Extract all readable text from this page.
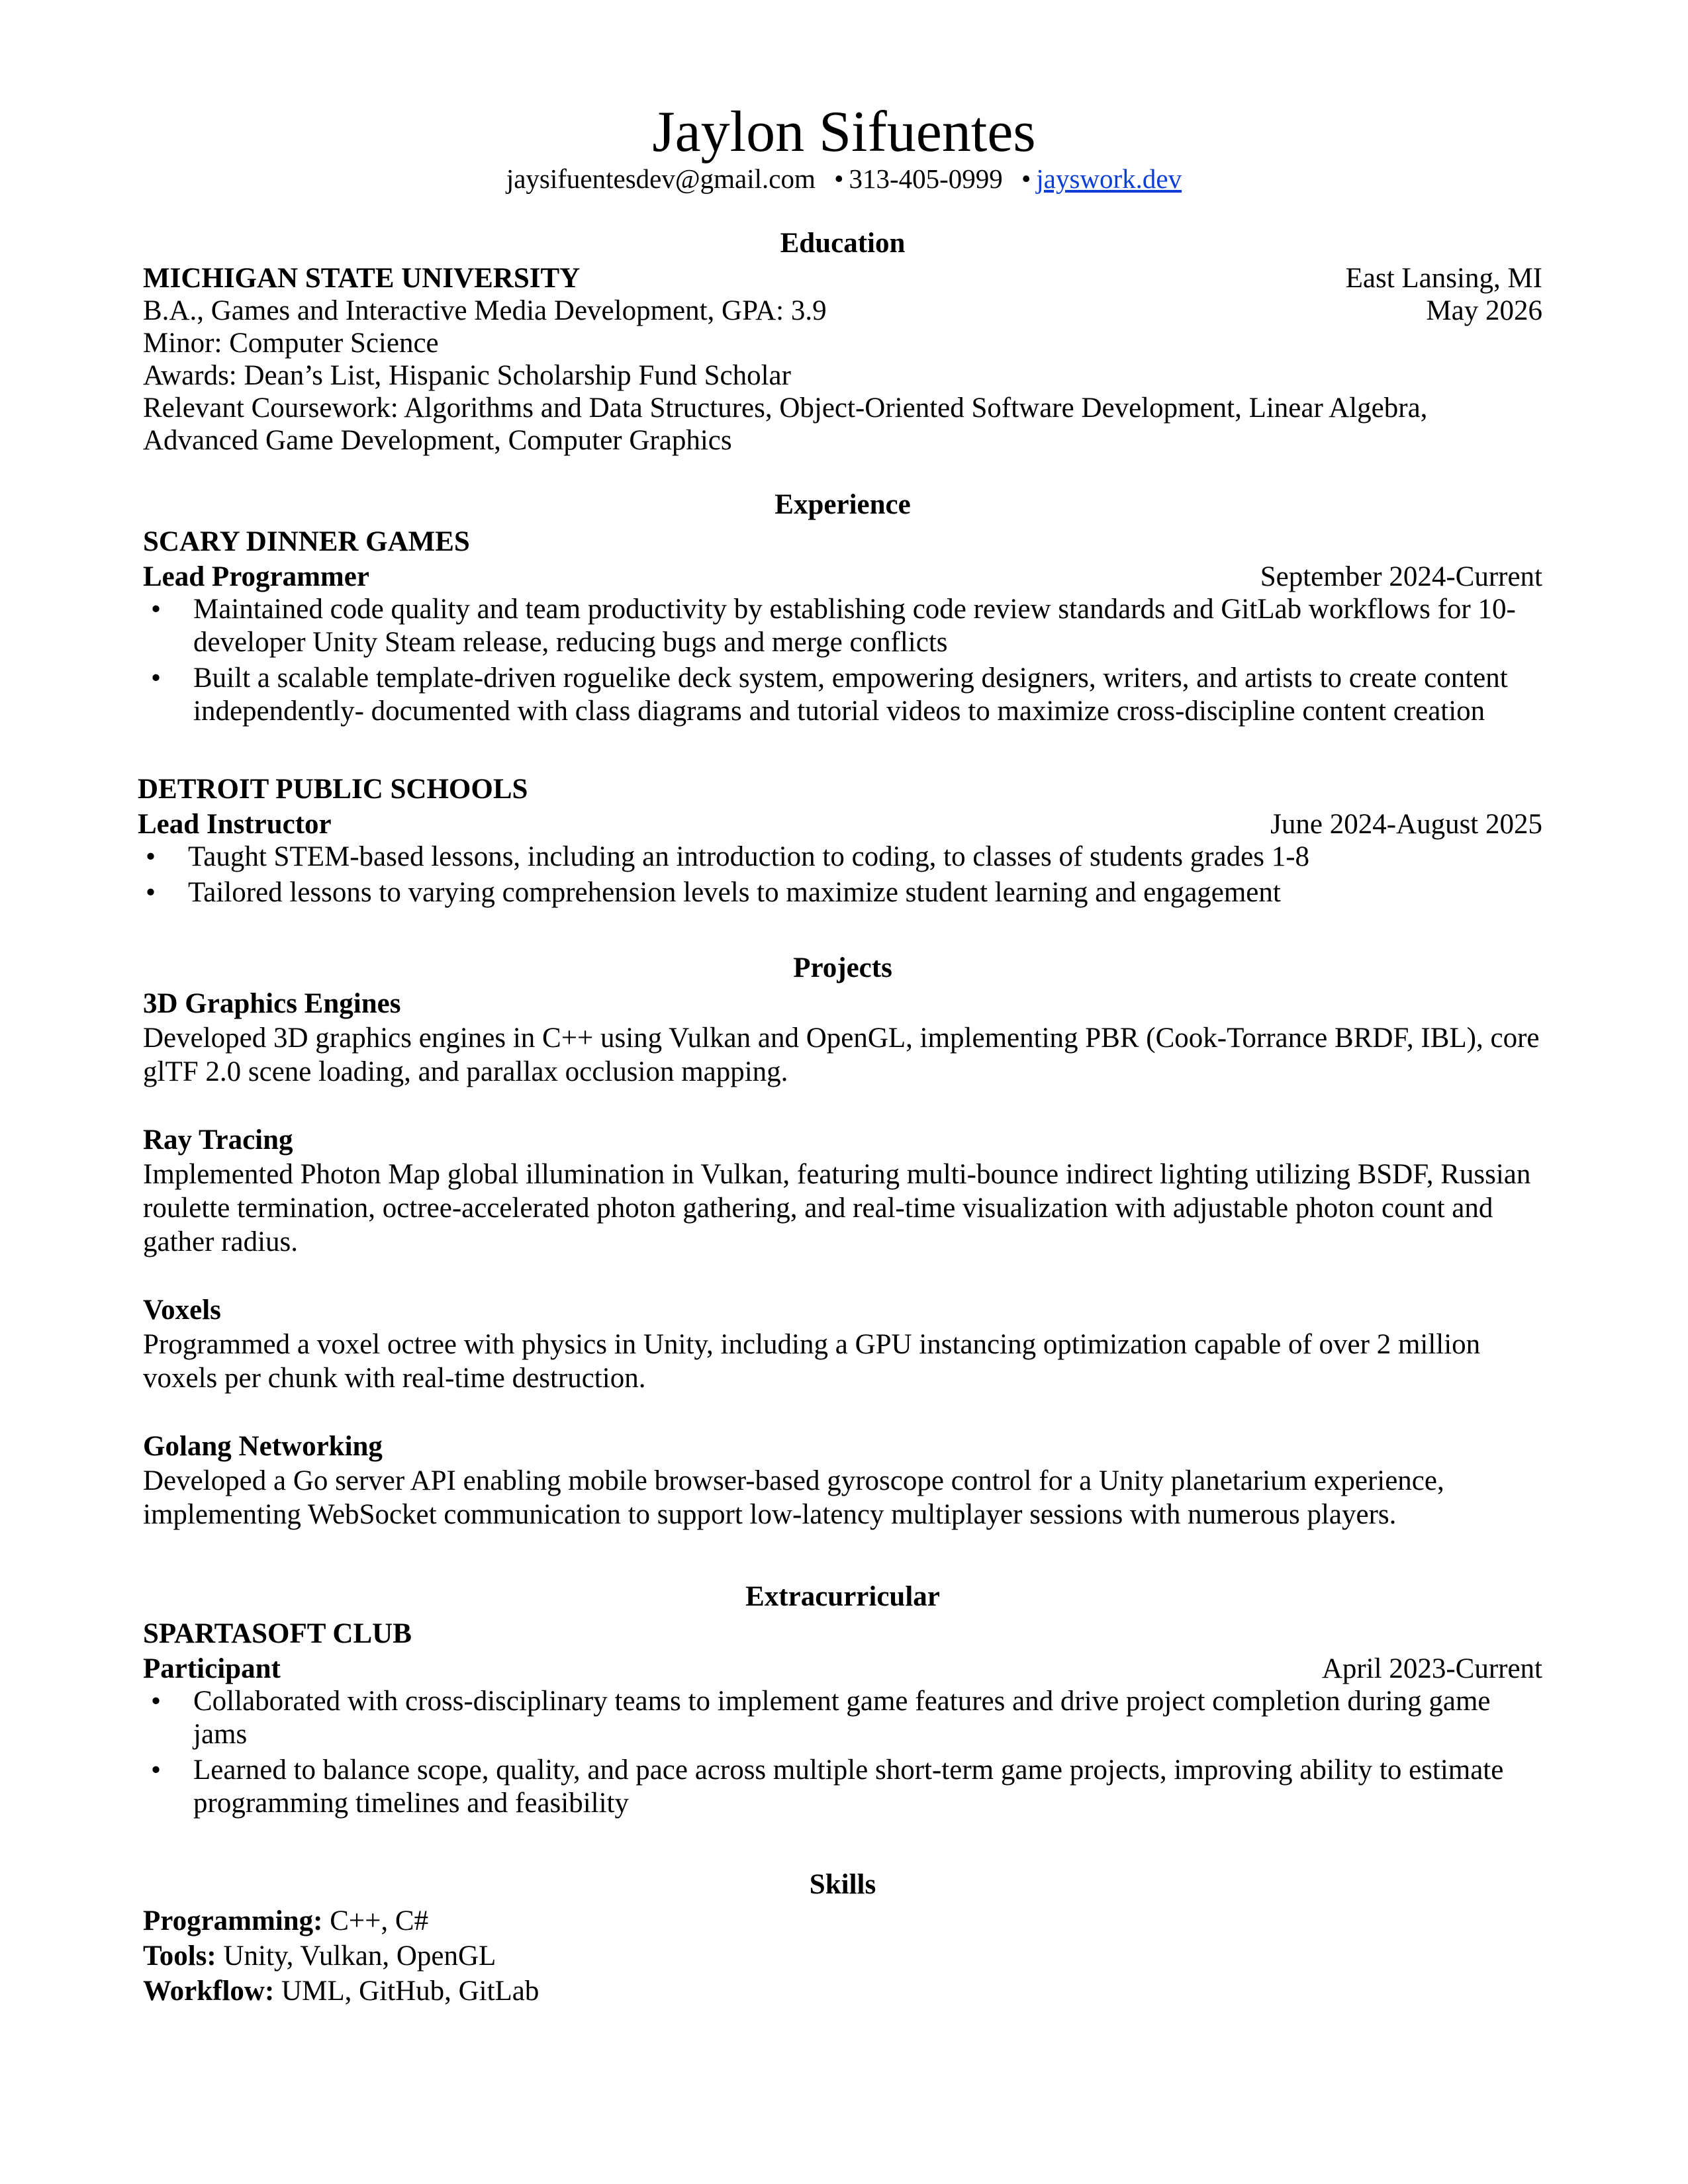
Jaylon Sifuentes
jaysifuentesdev@gmail.com • 313-405-0999 • jayswork.dev
Education
MICHIGAN STATE UNIVERSITY	East Lansing, MI
B.A., Games and Interactive Media Development, GPA: 3.9	May 2026
Minor: Computer Science
Awards: Dean’s List, Hispanic Scholarship Fund Scholar
Relevant Coursework: Algorithms and Data Structures, Object-Oriented Software Development, Linear Algebra,
Advanced Game Development, Computer Graphics
Experience
SCARY DINNER GAMES
Lead Programmer	September 2024-Current
• Maintained code quality and team productivity by establishing code review standards and GitLab workflows for 10-developer Unity Steam release, reducing bugs and merge conflicts
• Built a scalable template-driven roguelike deck system, empowering designers, writers, and artists to create content independently- documented with class diagrams and tutorial videos to maximize cross-discipline content creation
DETROIT PUBLIC SCHOOLS
Lead Instructor	June 2024-August 2025
• Taught STEM-based lessons, including an introduction to coding, to classes of students grades 1-8
• Tailored lessons to varying comprehension levels to maximize student learning and engagement
Projects
3D Graphics Engines
Developed 3D graphics engines in C++ using Vulkan and OpenGL, implementing PBR (Cook-Torrance BRDF, IBL), core glTF 2.0 scene loading, and parallax occlusion mapping.
Ray Tracing
Implemented Photon Map global illumination in Vulkan, featuring multi-bounce indirect lighting utilizing BSDF, Russian roulette termination, octree-accelerated photon gathering, and real-time visualization with adjustable photon count and gather radius.
Voxels
Programmed a voxel octree with physics in Unity, including a GPU instancing optimization capable of over 2 million voxels per chunk with real-time destruction.
Golang Networking
Developed a Go server API enabling mobile browser-based gyroscope control for a Unity planetarium experience, implementing WebSocket communication to support low-latency multiplayer sessions with numerous players.
Extracurricular
SPARTASOFT CLUB
Participant	April 2023-Current
• Collaborated with cross-disciplinary teams to implement game features and drive project completion during game jams
• Learned to balance scope, quality, and pace across multiple short-term game projects, improving ability to estimate programming timelines and feasibility
Skills
Programming: C++, C#
Tools: Unity, Vulkan, OpenGL
Workflow: UML, GitHub, GitLab
